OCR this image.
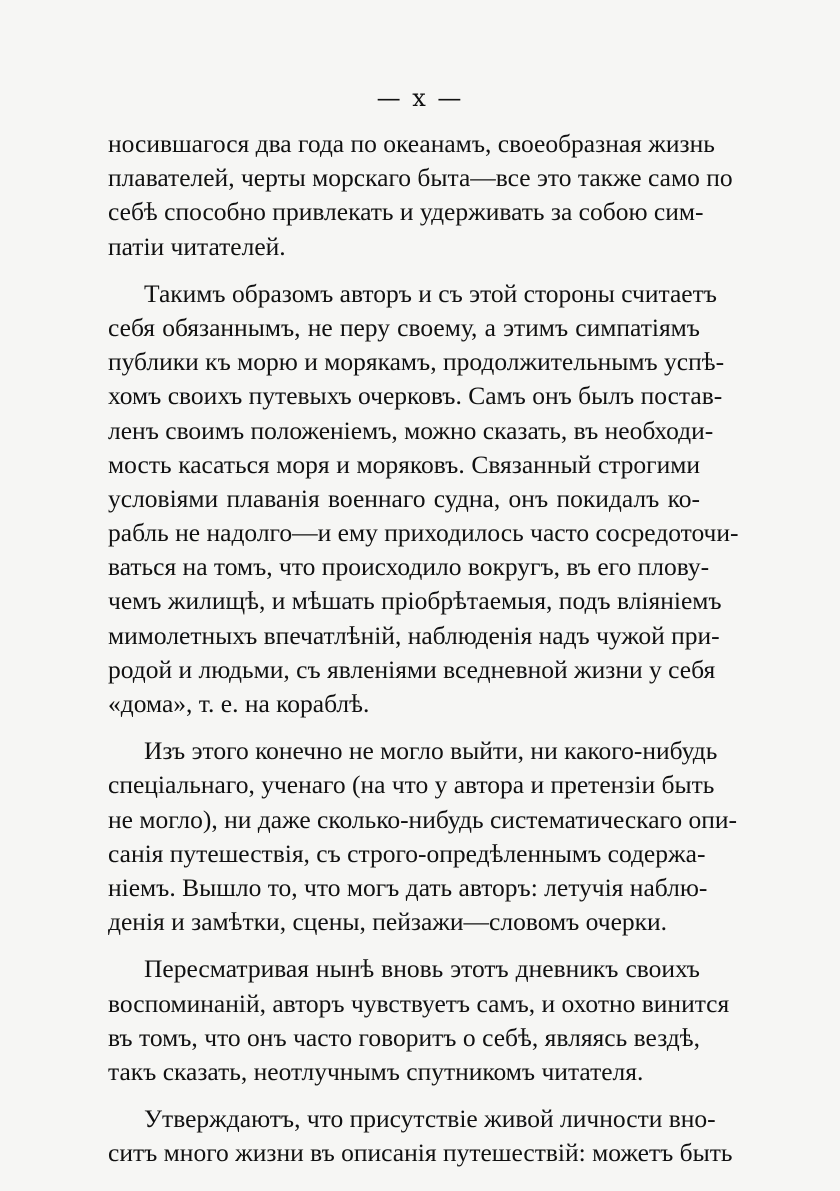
— x —
носившагося два года по океанамъ, своеобразная жизнь
плавателей, черты морскаго быта—все это также само по
себѣ способно привлекать и удерживать за собою сим-
патіи читателей.
Такимъ образомъ авторъ и съ этой стороны считаетъ
себя обязаннымъ, не перу своему, а этимъ симпатіямъ
публики къ морю и морякамъ, продолжительнымъ успѣ-
хомъ своихъ путевыхъ очерковъ. Самъ онъ былъ постав-
ленъ своимъ положеніемъ, можно сказать, въ необходи-
мость касаться моря и моряковъ. Связанный строгими
условіями плаванія военнаго судна, онъ покидалъ ко-
рабль не надолго—и ему приходилось часто сосредоточи-
ваться на томъ, что происходило вокругъ, въ его плову-
чемъ жилищѣ, и мѣшать пріобрѣтаемыя, подъ вліяніемъ
мимолетныхъ впечатлѣній, наблюденія надъ чужой при-
родой и людьми, съ явленіями вседневной жизни у себя
«дома», т. е. на кораблѣ.
Изъ этого конечно не могло выйти, ни какого-нибудь
спеціальнаго, ученаго (на что у автора и претензіи быть
не могло), ни даже сколько-нибудь систематическаго опи-
санія путешествія, съ строго-опредѣленнымъ содержа-
ніемъ. Вышло то, что могъ дать авторъ: летучія наблю-
денія и замѣтки, сцены, пейзажи—словомъ очерки.
Пересматривая нынѣ вновь этотъ дневникъ своихъ
воспоминаній, авторъ чувствуетъ самъ, и охотно винится
въ томъ, что онъ часто говоритъ о себѣ, являясь вездѣ,
такъ сказать, неотлучнымъ спутникомъ читателя.
Утверждаютъ, что присутствіе живой личности вно-
ситъ много жизни въ описанія путешествій: можетъ быть
